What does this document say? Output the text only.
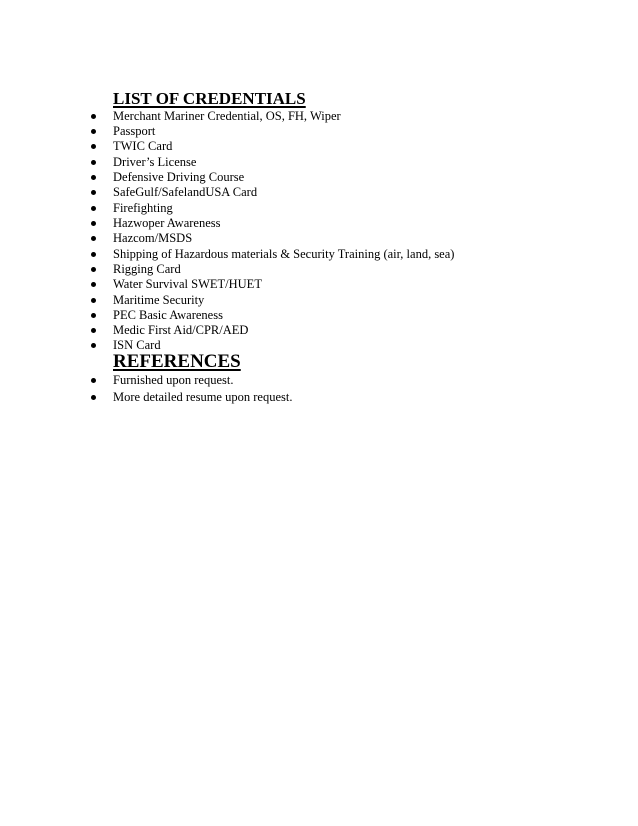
LIST OF CREDENTIALS
Merchant Mariner Credential, OS, FH, Wiper
Passport
TWIC Card
Driver’s License
Defensive Driving Course
SafeGulf/SafelandUSA Card
Firefighting
Hazwoper Awareness
Hazcom/MSDS
Shipping of Hazardous materials & Security Training (air, land, sea)
Rigging Card
Water Survival SWET/HUET
Maritime Security
PEC Basic Awareness
Medic First Aid/CPR/AED
ISN Card
REFERENCES
Furnished upon request.
More detailed resume upon request.
